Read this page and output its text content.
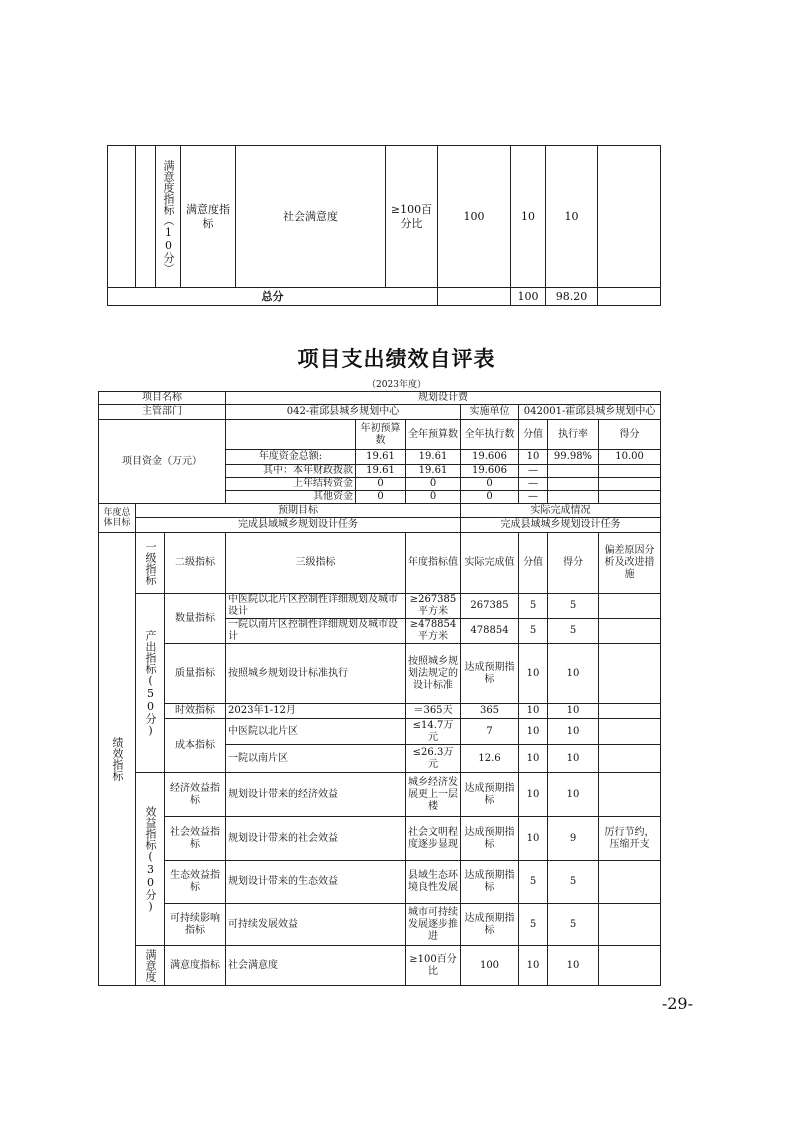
		满意度指标（10分）	满意度指标	社会满意度	≥100百分比	100	10	10	
总分							100	98.20	
项目支出绩效自评表
（2023年度）
项目名称			规划设计费						
主管部门			042-霍邱县城乡规划中心			实施单位	042001-霍邱县城乡规划中心		
项目资金（万元）				年初预算数	全年预算数	全年执行数	分值	执行率	得分
			年度资金总额:	19.61	19.61	19.606	10	99.98%	10.00
			其中：本年财政拨款	19.61	19.61	19.606	—		
			上年结转资金	0	0	0	—		
			其他资金	0	0	0	—		
年度总体目标	预期目标					实际完成情况			
	完成县域城乡规划设计任务					完成县域城乡规划设计任务			

绩效指标	一级指标	二级指标	三级指标		年度指标值	实际完成值	分值	得分	偏差原因分析及改进措施

	产出指标(50分)	数量指标	中医院以北片区控制性详细规划及城市设计		≥267385平方米	267385	5	5	
			一院以南片区控制性详细规划及城市设计		≥478854平方米	478854	5	5	
		质量指标	按照城乡规划设计标准执行		按照城乡规划法规定的设计标准	达成预期指标	10	10	
		时效指标	2023年1-12月		＝365天	365	10	10	
		成本指标	中医院以北片区		≤14.7万元	7	10	10	
			一院以南片区		≤26.3万元	12.6	10	10	

	效益指标(30分)	经济效益指标	规划设计带来的经济效益		城乡经济发展更上一层楼	达成预期指标	10	10	
		社会效益指标	规划设计带来的社会效益		社会文明程度逐步显现	达成预期指标	10	9	厉行节约，压缩开支
		生态效益指标	规划设计带来的生态效益		县域生态环境良性发展	达成预期指标	5	5	
		可持续影响指标	可持续发展效益		城市可持续发展逐步推进	达成预期指标	5	5	

	满意度	满意度指标	社会满意度		≥100百分比	100	10	10	
-29-
